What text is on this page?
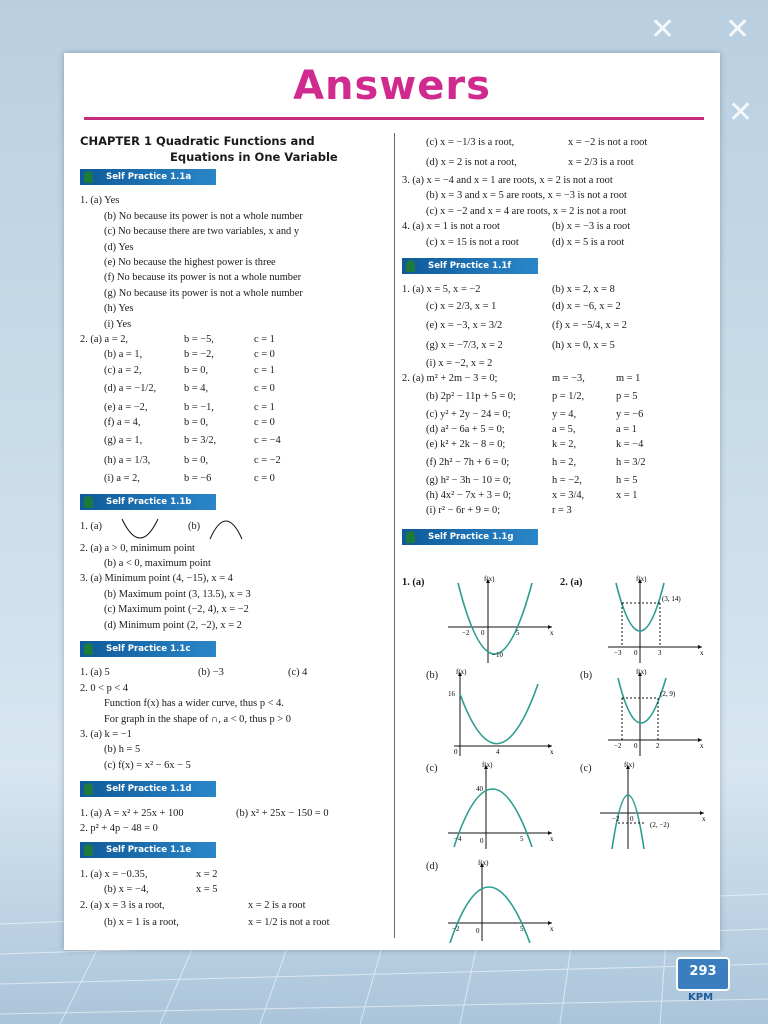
✕ ✕
✕
Answers
CHAPTER 1 Quadratic Functions and
Equations in One Variable
Self Practice 1.1a
1. (a) Yes
(b) No because its power is not a whole number
(c) No because there are two variables, x and y
(d) Yes
(e) No because the highest power is three
(f) No because its power is not a whole number
(g) No because its power is not a whole number
(h) Yes
(i) Yes
2. (a) a = 2,	b = −5,	c = 1
(b) a = 1,	b = −2,	c = 0
(c) a = 2,	b = 0,	c = 1
(d) a = −1/2,	b = 4,	c = 0
(e) a = −2,	b = −1,	c = 1
(f) a = 4,	b = 0,	c = 0
(g) a = 1,	b = 3/2,	c = −4
(h) a = 1/3,	b = 0,	c = −2
(i) a = 2,	b = −6	c = 0
Self Practice 1.1b
1. (a)	(b)
2. (a) a > 0, minimum point
(b) a < 0, maximum point
3. (a) Minimum point (4, −15), x = 4
(b) Maximum point (3, 13.5), x = 3
(c) Maximum point (−2, 4), x = −2
(d) Minimum point (2, −2), x = 2
Self Practice 1.1c
1. (a) 5	(b) −3	(c) 4
2. 0 < p < 4
Function f(x) has a wider curve, thus p < 4.
For graph in the shape of ∩, a < 0, thus p > 0
3. (a) k = −1
(b) h = 5
(c) f(x) = x² − 6x − 5
Self Practice 1.1d
1. (a) A = x² + 25x + 100	(b) x² + 25x − 150 = 0
2. p² + 4p − 48 = 0
Self Practice 1.1e
1. (a) x = −0.35,	x = 2
(b) x = −4,	x = 5
2. (a) x = 3 is a root,	x = 2 is a root
(b) x = 1 is a root,	x = 1/2 is not a root
(c) x = −1/3 is a root,	x = −2 is not a root
(d) x = 2 is not a root,	x = 2/3 is a root
3. (a) x = −4 and x = 1 are roots, x = 2 is not a root
(b) x = 3 and x = 5 are roots, x = −3 is not a root
(c) x = −2 and x = 4 are roots, x = 2 is not a root
4. (a) x = 1 is not a root	(b) x = −3 is a root
(c) x = 15 is not a root	(d) x = 5 is a root
Self Practice 1.1f
1. (a) x = 5, x = −2	(b) x = 2, x = 8
(c) x = 2/3, x = 1	(d) x = −6, x = 2
(e) x = −3, x = 3/2	(f) x = −5/4, x = 2
(g) x = −7/3, x = 2	(h) x = 0, x = 5
(i) x = −2, x = 2
2. (a) m² + 2m − 3 = 0;	m = −3,	m = 1
(b) 2p² − 11p + 5 = 0;	p = 1/2,	p = 5
(c) y² + 2y − 24 = 0;	y = 4,	y = −6
(d) a² − 6a + 5 = 0;	a = 5,	a = 1
(e) k² + 2k − 8 = 0;	k = 2,	k = −4
(f) 2h² − 7h + 6 = 0;	h = 2,	h = 3/2
(g) h² − 3h − 10 = 0;	h = −2,	h = 5
(h) 4x² − 7x + 3 = 0;	x = 3/4,	x = 1
(i) r² − 6r + 9 = 0;	r = 3
Self Practice 1.1g
1. (a)	2. (a)
(b)	(b)
(c)	(c)
(d)
f(x)
x
−2 0	5
−10
f(x)
x
(3, 14)
−3 0	3
f(x)
x
16
0	4
f(x)
x
(2, 9)
−2 0	2
f(x)
x
40
−4	0	5
f(x)
x
(2, −2)
−2 0
f(x)
x
−2 0	5
293
KPM
